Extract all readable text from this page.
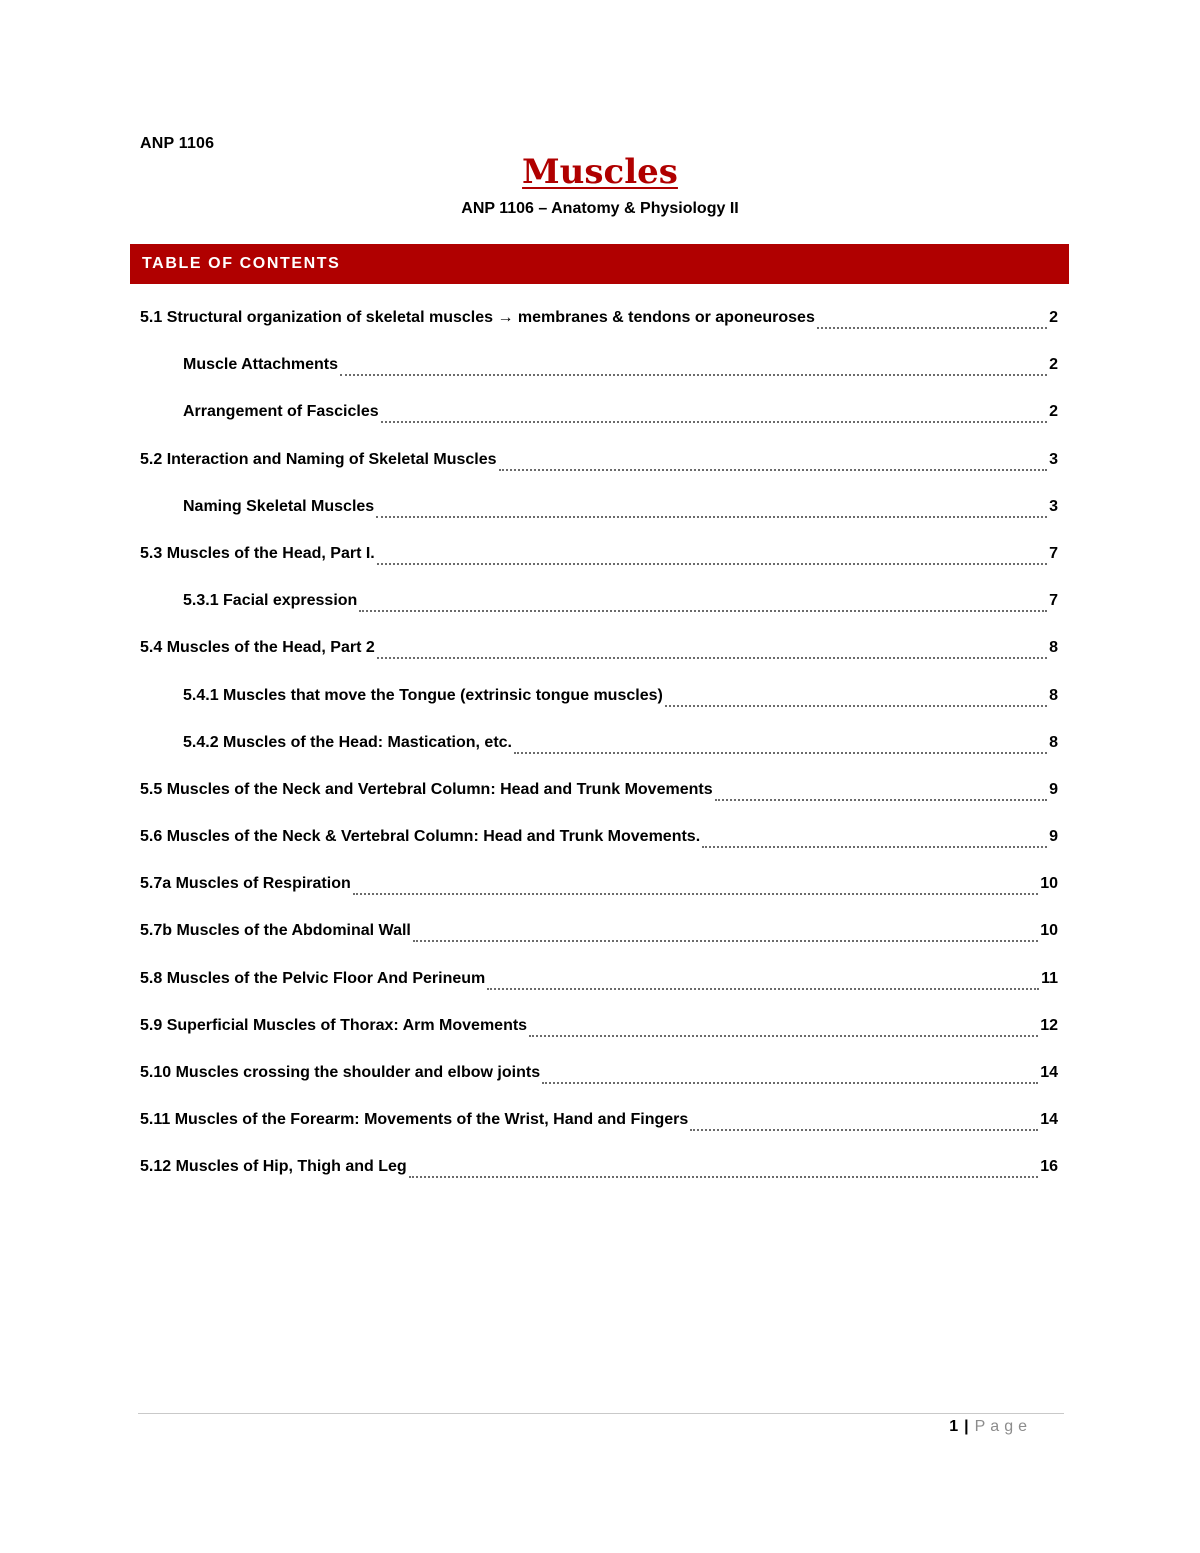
ANP 1106
Muscles
ANP 1106 – Anatomy & Physiology II
TABLE OF CONTENTS
5.1 Structural organization of skeletal muscles → membranes & tendons or aponeuroses	2
Muscle Attachments	2
Arrangement of Fascicles	2
5.2 Interaction and Naming of Skeletal Muscles	3
Naming Skeletal Muscles	3
5.3 Muscles of the Head, Part I.	7
5.3.1 Facial expression	7
5.4 Muscles of the Head, Part 2	8
5.4.1 Muscles that move the Tongue (extrinsic tongue muscles)	8
5.4.2 Muscles of the Head: Mastication, etc.	8
5.5 Muscles of the Neck and Vertebral Column: Head and Trunk Movements	9
5.6 Muscles of the Neck & Vertebral Column: Head and Trunk Movements.	9
5.7a Muscles of Respiration	10
5.7b Muscles of the Abdominal Wall	10
5.8 Muscles of the Pelvic Floor And Perineum	11
5.9 Superficial Muscles of Thorax: Arm Movements	12
5.10 Muscles crossing the shoulder and elbow joints	14
5.11 Muscles of the Forearm: Movements of the Wrist, Hand and Fingers	14
5.12 Muscles of Hip, Thigh and Leg	16
1 | Page
